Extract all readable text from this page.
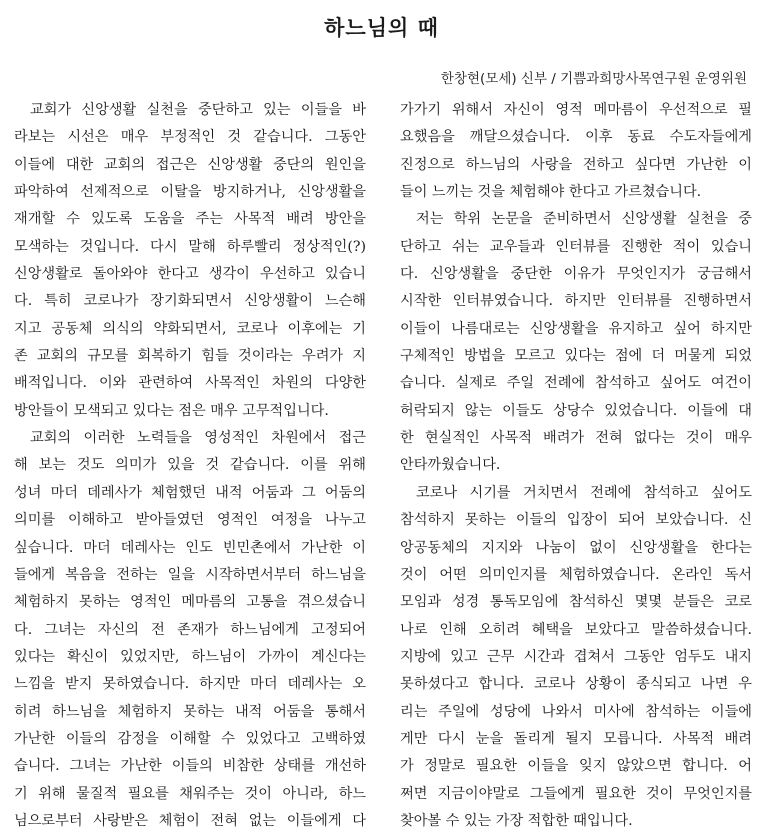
하느님의 때
한창현(모세) 신부 / 기쁨과희망사목연구원 운영위원
교회가 신앙생활 실천을 중단하고 있는 이들을 바
라보는 시선은 매우 부정적인 것 같습니다. 그동안
이들에 대한 교회의 접근은 신앙생활 중단의 원인을
파악하여 선제적으로 이탈을 방지하거나, 신앙생활을
재개할 수 있도록 도움을 주는 사목적 배려 방안을
모색하는 것입니다. 다시 말해 하루빨리 정상적인(?)
신앙생활로 돌아와야 한다고 생각이 우선하고 있습니
다. 특히 코로나가 장기화되면서 신앙생활이 느슨해
지고 공동체 의식의 약화되면서, 코로나 이후에는 기
존 교회의 규모를 회복하기 힘들 것이라는 우려가 지
배적입니다. 이와 관련하여 사목적인 차원의 다양한
방안들이 모색되고 있다는 점은 매우 고무적입니다.
교회의 이러한 노력들을 영성적인 차원에서 접근
해 보는 것도 의미가 있을 것 같습니다. 이를 위해
성녀 마더 데레사가 체험했던 내적 어둠과 그 어둠의
의미를 이해하고 받아들였던 영적인 여정을 나누고
싶습니다. 마더 데레사는 인도 빈민촌에서 가난한 이
들에게 복음을 전하는 일을 시작하면서부터 하느님을
체험하지 못하는 영적인 메마름의 고통을 겪으셨습니
다. 그녀는 자신의 전 존재가 하느님에게 고정되어
있다는 확신이 있었지만, 하느님이 가까이 계신다는
느낌을 받지 못하였습니다. 하지만 마더 데레사는 오
히려 하느님을 체험하지 못하는 내적 어둠을 통해서
가난한 이들의 감정을 이해할 수 있었다고 고백하였
습니다. 그녀는 가난한 이들의 비참한 상태를 개선하
기 위해 물질적 필요를 채워주는 것이 아니라, 하느
님으로부터 사랑받은 체험이 전혀 없는 이들에게 다
가가기 위해서 자신이 영적 메마름이 우선적으로 필
요했음을 깨달으셨습니다. 이후 동료 수도자들에게
진정으로 하느님의 사랑을 전하고 싶다면 가난한 이
들이 느끼는 것을 체험해야 한다고 가르쳤습니다.
저는 학위 논문을 준비하면서 신앙생활 실천을 중
단하고 쉬는 교우들과 인터뷰를 진행한 적이 있습니
다. 신앙생활을 중단한 이유가 무엇인지가 궁금해서
시작한 인터뷰였습니다. 하지만 인터뷰를 진행하면서
이들이 나름대로는 신앙생활을 유지하고 싶어 하지만
구체적인 방법을 모르고 있다는 점에 더 머물게 되었
습니다. 실제로 주일 전례에 참석하고 싶어도 여건이
허락되지 않는 이들도 상당수 있었습니다. 이들에 대
한 현실적인 사목적 배려가 전혀 없다는 것이 매우
안타까웠습니다.
코로나 시기를 거치면서 전례에 참석하고 싶어도
참석하지 못하는 이들의 입장이 되어 보았습니다. 신
앙공동체의 지지와 나눔이 없이 신앙생활을 한다는
것이 어떤 의미인지를 체험하였습니다. 온라인 독서
모임과 성경 통독모임에 참석하신 몇몇 분들은 코로
나로 인해 오히려 혜택을 보았다고 말씀하셨습니다.
지방에 있고 근무 시간과 겹쳐서 그동안 엄두도 내지
못하셨다고 합니다. 코로나 상황이 종식되고 나면 우
리는 주일에 성당에 나와서 미사에 참석하는 이들에
게만 다시 눈을 돌리게 될지 모릅니다. 사목적 배려
가 정말로 필요한 이들을 잊지 않았으면 합니다. 어
쩌면 지금이야말로 그들에게 필요한 것이 무엇인지를
찾아볼 수 있는 가장 적합한 때입니다.
